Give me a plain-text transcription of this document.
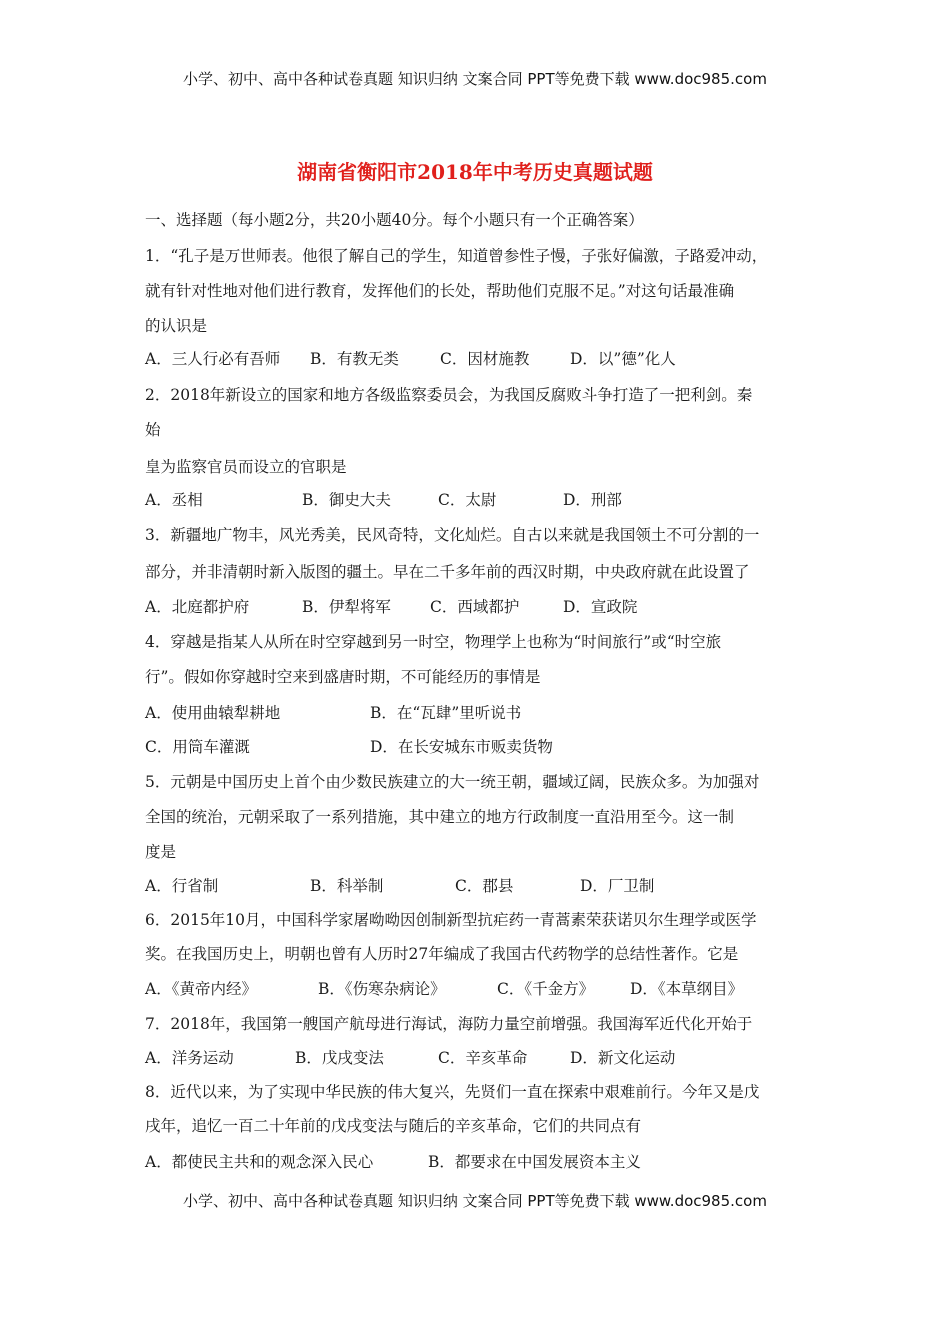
小学、初中、高中各种试卷真题 知识归纳 文案合同 PPT等免费下载 www.doc985.com
湖南省衡阳市2018年中考历史真题试题
一、选择题（每小题2分，共20小题40分。每个小题只有一个正确答案）
1．“孔子是万世师表。他很了解自己的学生，知道曾参性子慢，子张好偏激，子路爱冲动，
就有针对性地对他们进行教育，发挥他们的长处，帮助他们克服不足。”对这句话最准确
的认识是
A．三人行必有吾师 B．有教无类	C．因材施教	D．以”德”化人
2．2018年新设立的国家和地方各级监察委员会，为我国反腐败斗争打造了一把利剑。秦
始
皇为监察官员而设立的官职是
A．丞相	B．御史大夫	C．太尉	D．刑部
3．新疆地广物丰，风光秀美，民风奇特，文化灿烂。自古以来就是我国领土不可分割的一
部分，并非清朝时新入版图的疆土。早在二千多年前的西汉时期，中央政府就在此设置了
A．北庭都护府	B．伊犁将军	C．西域都护	D．宣政院
4．穿越是指某人从所在时空穿越到另一时空，物理学上也称为“时间旅行”或“时空旅
行”。假如你穿越时空来到盛唐时期，不可能经历的事情是
A．使用曲辕犁耕地	B．在“瓦肆”里听说书
C．用筒车灌溉	D．在长安城东市贩卖货物
5．元朝是中国历史上首个由少数民族建立的大一统王朝，疆域辽阔，民族众多。为加强对
全国的统治，元朝采取了一系列措施，其中建立的地方行政制度一直沿用至今。这一制
度是
A．行省制	B．科举制	C．郡县	D．厂卫制
6．2015年10月，中国科学家屠呦呦因创制新型抗疟药一青蒿素荣获诺贝尔生理学或医学
奖。在我国历史上，明朝也曾有人历时27年编成了我国古代药物学的总结性著作。它是
A．《黄帝内经》	B．《伤寒杂病论》	C．《千金方》 D．《本草纲目》
7．2018年，我国第一艘国产航母进行海试，海防力量空前增强。我国海军近代化开始于
A．洋务运动	B．戊戌变法	C．辛亥革命	D．新文化运动
8．近代以来，为了实现中华民族的伟大复兴，先贤们一直在探索中艰难前行。今年又是戊
戌年，追忆一百二十年前的戊戌变法与随后的辛亥革命，它们的共同点有
A．都使民主共和的观念深入民心	B．都要求在中国发展资本主义
小学、初中、高中各种试卷真题 知识归纳 文案合同 PPT等免费下载 www.doc985.com
